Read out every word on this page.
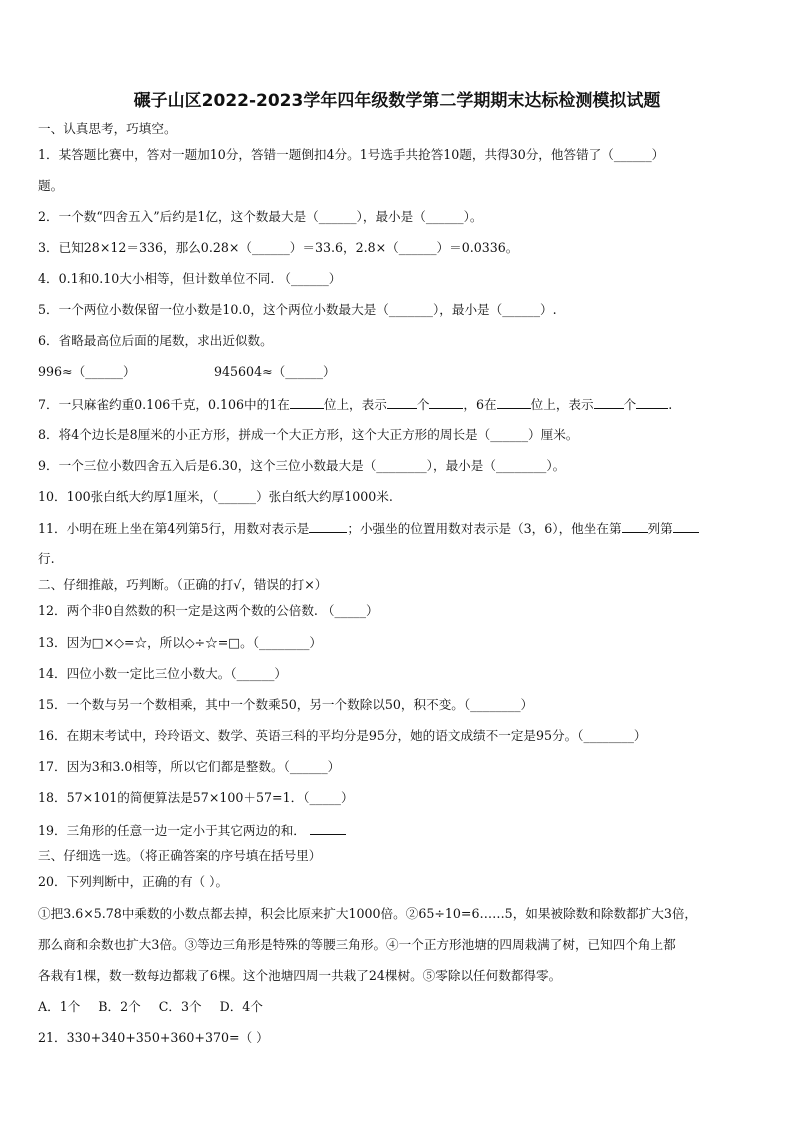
碾子山区2022-2023学年四年级数学第二学期期末达标检测模拟试题
一、认真思考，巧填空。
1．某答题比赛中，答对一题加10分，答错一题倒扣4分。1号选手共抢答10题，共得30分，他答错了（______）
题。
2．一个数“四舍五入”后约是1亿，这个数最大是（______），最小是（______）。
3．已知28×12＝336，那么0.28×（______）＝33.6，2.8×（______）＝0.0336。
4．0.1和0.10大小相等，但计数单位不同. （______）
5．一个两位小数保留一位小数是10.0，这个两位小数最大是（_______），最小是（______）.
6．省略最高位后面的尾数，求出近似数。
996≈（______）	945604≈（______）
7．一只麻雀约重0.106千克，0.106中的1在	位上，表示 个	，6在	位上，表示 个	.
8．将4个边长是8厘米的小正方形，拼成一个大正方形，这个大正方形的周长是（______）厘米。
9．一个三位小数四舍五入后是6.30，这个三位小数最大是（________），最小是（________）。
10．100张白纸大约厚1厘米，（______）张白纸大约厚1000米.
11．小明在班上坐在第4列第5行，用数对表示是	；小强坐的位置用数对表示是（3，6），他坐在第 列第
行.
二、仔细推敲，巧判断。（正确的打√，错误的打×）
12．两个非0自然数的积一定是这两个数的公倍数. （_____）
13．因为□×◇=☆，所以◇÷☆=□。（________）
14．四位小数一定比三位小数大。（______）
15．一个数与另一个数相乘，其中一个数乘50，另一个数除以50，积不变。（________）
16．在期末考试中，玲玲语文、数学、英语三科的平均分是95分，她的语文成绩不一定是95分。（________）
17．因为3和3.0相等，所以它们都是整数。（______）
18．57×101的简便算法是57×100＋57=1．（_____）
19．三角形的任意一边一定小于其它两边的和．
三、仔细选一选。（将正确答案的序号填在括号里）
20．下列判断中，正确的有（ ）。
①把3.6×5.78中乘数的小数点都去掉，积会比原来扩大1000倍。②65÷10=6……5，如果被除数和除数都扩大3倍，
那么商和余数也扩大3倍。③等边三角形是特殊的等腰三角形。④一个正方形池塘的四周栽满了树，已知四个角上都
各栽有1棵，数一数每边都栽了6棵。这个池塘四周一共栽了24棵树。⑤零除以任何数都得零。
A．1个 B．2个 C．3个 D．4个
21．330+340+350+360+370=（ ）
